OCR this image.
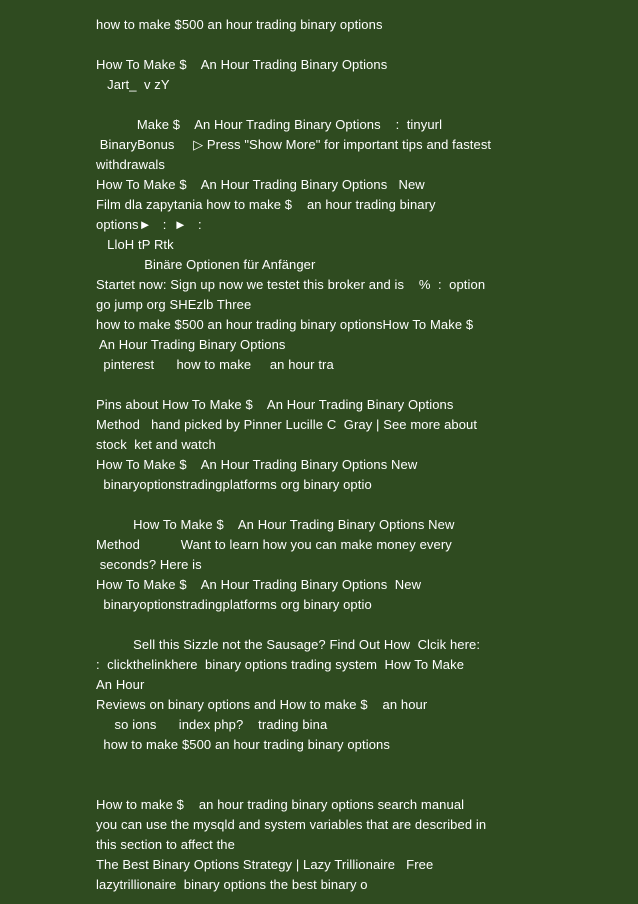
how to make $500 an hour trading binary options
How To Make $    An Hour Trading Binary Options
Jart_  v zY
Make $    An Hour Trading Binary Options    :  tinyurl
BinaryBonus     ▷ Press "Show More" for important tips and fastest
withdrawals
How To Make $    An Hour Trading Binary Options   New
Film dla zapytania how to make $    an hour trading binary
options►   :  ►   :
LloH tP Rtk
Binäre Optionen für Anfänger
Startet now: Sign up now we testet this broker and is    %  :  option
go jump org SHEzlb Three
how to make $500 an hour trading binary optionsHow To Make $
An Hour Trading Binary Options
pinterest      how to make     an hour tra
Pins about How To Make $    An Hour Trading Binary Options
Method   hand picked by Pinner Lucille C  Gray | See more about
stock  ket and watch
How To Make $    An Hour Trading Binary Options New
binaryoptionstradingplatforms org binary optio
How To Make $    An Hour Trading Binary Options New
Method           Want to learn how you can make money every
seconds? Here is
How To Make $    An Hour Trading Binary Options  New
binaryoptionstradingplatforms org binary optio
Sell this Sizzle not the Sausage? Find Out How  Clcik here:
:  clickthelinkhere  binary options trading system  How To Make
An Hour
Reviews on binary options and How to make $    an hour
so ions      index php?    trading bina
how to make $500 an hour trading binary options
How to make $    an hour trading binary options search manual
you can use the mysqld and system variables that are described in
this section to affect the
The Best Binary Options Strategy | Lazy Trillionaire   Free
lazytrillionaire  binary options the best binary o
